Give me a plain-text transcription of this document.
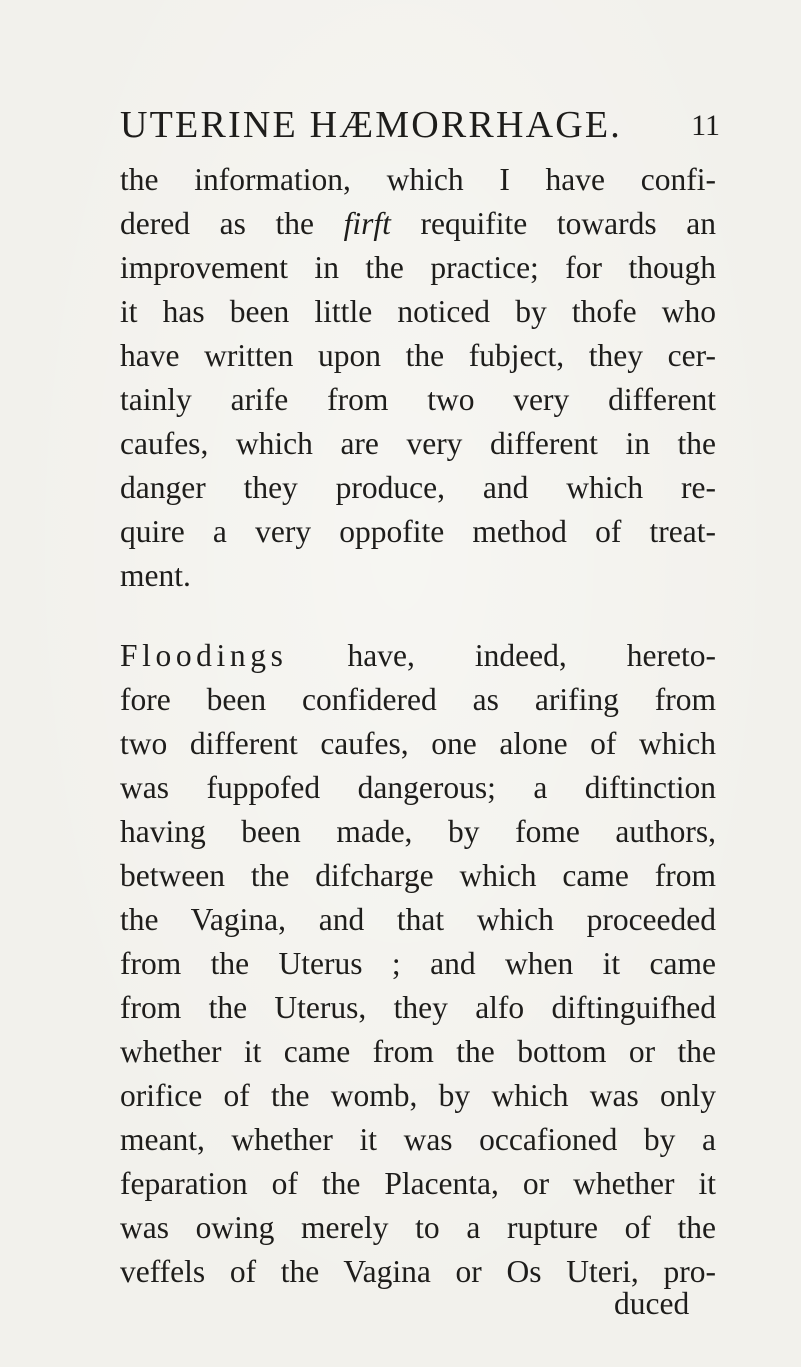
UTERINE HÆMORRHAGE. 11
the information, which I have confi-
dered as the firft requifite towards an
improvement in the practice; for though
it has been little noticed by thofe who
have written upon the fubject, they cer-
tainly arife from two very different
caufes, which are very different in the
danger they produce, and which re-
quire a very oppofite method of treat-
ment.
Floodings have, indeed, hereto-
fore been confidered as arifing from
two different caufes, one alone of which
was fuppofed dangerous; a diftinction
having been made, by fome authors,
between the difcharge which came from
the Vagina, and that which proceeded
from the Uterus ; and when it came
from the Uterus, they alfo diftinguifhed
whether it came from the bottom or the
orifice of the womb, by which was only
meant, whether it was occafioned by a
feparation of the Placenta, or whether it
was owing merely to a rupture of the
veffels of the Vagina or Os Uteri, pro-
duced
